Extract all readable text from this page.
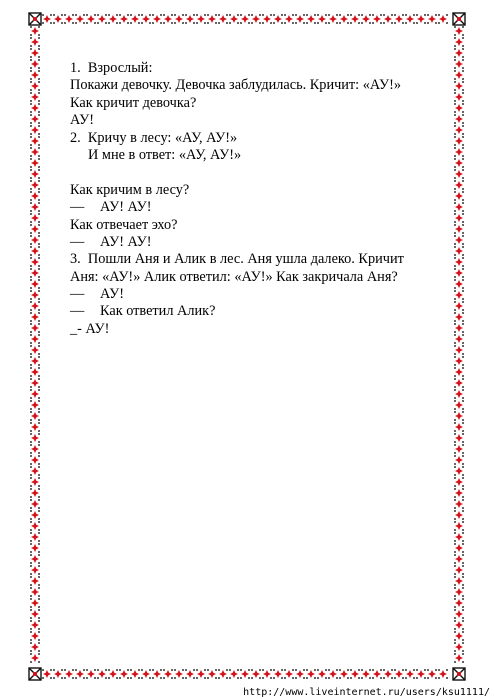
1.  Взрослый:
Покажи девочку. Девочка заблудилась. Кричит: «АУ!»
Как кричит девочка?
АУ!
2.  Кричу в лесу: «АУ, АУ!»
И мне в ответ: «АУ, АУ!»
Как кричим в лесу?
— АУ! АУ!
Как отвечает эхо?
— АУ! АУ!
3.  Пошли Аня и Алик в лес. Аня ушла далеко. Кричит
Аня: «АУ!» Алик ответил: «АУ!» Как закричала Аня?
— АУ!
— Как ответил Алик?
_- АУ!
http://www.liveinternet.ru/users/ksu1111/
